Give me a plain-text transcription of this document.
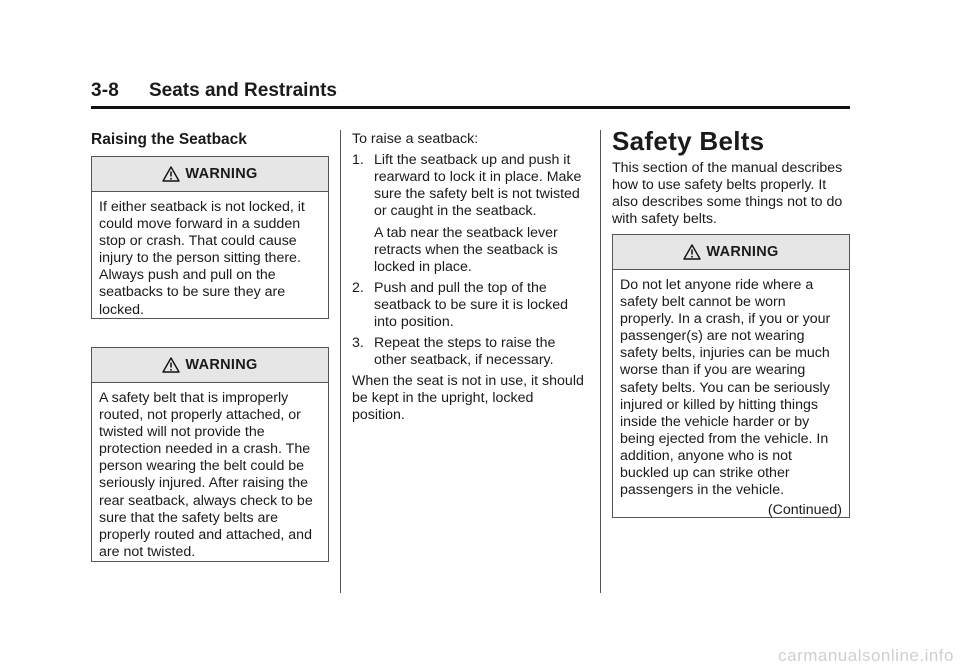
3-8 Seats and Restraints
Raising the Seatback
WARNING
If either seatback is not locked, it could move forward in a sudden stop or crash. That could cause injury to the person sitting there. Always push and pull on the seatbacks to be sure they are locked.
WARNING
A safety belt that is improperly routed, not properly attached, or twisted will not provide the protection needed in a crash. The person wearing the belt could be seriously injured. After raising the rear seatback, always check to be sure that the safety belts are properly routed and attached, and are not twisted.

To raise a seatback:

1. Lift the seatback up and push it rearward to lock it in place. Make sure the safety belt is not twisted or caught in the seatback.

A tab near the seatback lever retracts when the seatback is locked in place.

2. Push and pull the top of the seatback to be sure it is locked into position.

3. Repeat the steps to raise the other seatback, if necessary.

When the seat is not in use, it should be kept in the upright, locked position.

Safety Belts

This section of the manual describes how to use safety belts properly. It also describes some things not to do with safety belts.

WARNING

Do not let anyone ride where a safety belt cannot be worn properly. In a crash, if you or your passenger(s) are not wearing safety belts, injuries can be much worse than if you are wearing safety belts. You can be seriously injured or killed by hitting things inside the vehicle harder or by being ejected from the vehicle. In addition, anyone who is not buckled up can strike other passengers in the vehicle.

(Continued)

carmanualsonline.info
